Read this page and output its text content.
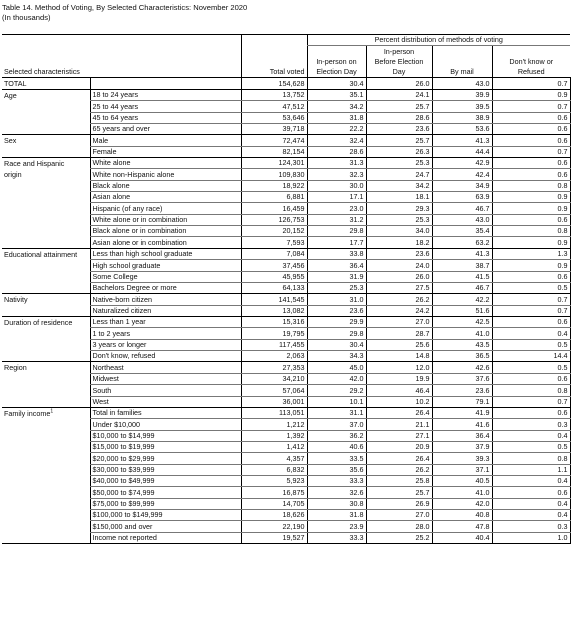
Table 14. Method of Voting, By Selected Characteristics: November 2020
(In thousands)
			Percent distribution of methods of voting			
				In-person		
			In-person on	Before Election		Don't know or
Selected characteristics		Total voted	Election Day	Day	By mail	Refused
TOTAL		154,628	30.4	26.0	43.0	0.7
Age	18 to 24 years	13,752	35.1	24.1	39.9	0.9
	25 to 44 years	47,512	34.2	25.7	39.5	0.7
	45 to 64 years	53,646	31.8	28.6	38.9	0.6
	65 years and over	39,718	22.2	23.6	53.6	0.6
Sex	Male	72,474	32.4	25.7	41.3	0.6
	Female	82,154	28.6	26.3	44.4	0.7
Race and Hispanic	White alone	124,301	31.3	25.3	42.9	0.6
origin	White non-Hispanic alone	109,830	32.3	24.7	42.4	0.6
	Black alone	18,922	30.0	34.2	34.9	0.8
	Asian alone	6,881	17.1	18.1	63.9	0.9
	Hispanic (of any race)	16,459	23.0	29.3	46.7	0.9
	White alone or in combination	126,753	31.2	25.3	43.0	0.6
	Black alone or in combination	20,152	29.8	34.0	35.4	0.8
	Asian alone or in combination	7,593	17.7	18.2	63.2	0.9
Educational attainment	Less than high school graduate	7,084	33.8	23.6	41.3	1.3
	High school graduate	37,456	36.4	24.0	38.7	0.9
	Some College	45,955	31.9	26.0	41.5	0.6
	Bachelors Degree or more	64,133	25.3	27.5	46.7	0.5
Nativity	Native-born citizen	141,545	31.0	26.2	42.2	0.7
	Naturalized citizen	13,082	23.6	24.2	51.6	0.7
Duration of residence	Less than 1 year	15,316	29.9	27.0	42.5	0.6
	1 to 2 years	19,795	29.8	28.7	41.0	0.4
	3 years or longer	117,455	30.4	25.6	43.5	0.5
	Don't know, refused	2,063	34.3	14.8	36.5	14.4
Region	Northeast	27,353	45.0	12.0	42.6	0.5
	Midwest	34,210	42.0	19.9	37.6	0.6
	South	57,064	29.2	46.4	23.6	0.8
	West	36,001	10.1	10.2	79.1	0.7
Family income$^1$	Total in families	113,051	31.1	26.4	41.9	0.6
	Under $10,000	1,212	37.0	21.1	41.6	0.3
	$10,000 to $14,999	1,392	36.2	27.1	36.4	0.4
	$15,000 to $19,999	1,412	40.6	20.9	37.9	0.5
	$20,000 to $29,999	4,357	33.5	26.4	39.3	0.8
	$30,000 to $39,999	6,832	35.6	26.2	37.1	1.1
	$40,000 to $49,999	5,923	33.3	25.8	40.5	0.4
	$50,000 to $74,999	16,875	32.6	25.7	41.0	0.6
	$75,000 to $99,999	14,705	30.8	26.9	42.0	0.4
	$100,000 to $149,999	18,626	31.8	27.0	40.8	0.4
	$150,000 and over	22,190	23.9	28.0	47.8	0.3
	Income not reported	19,527	33.3	25.2	40.4	1.0
